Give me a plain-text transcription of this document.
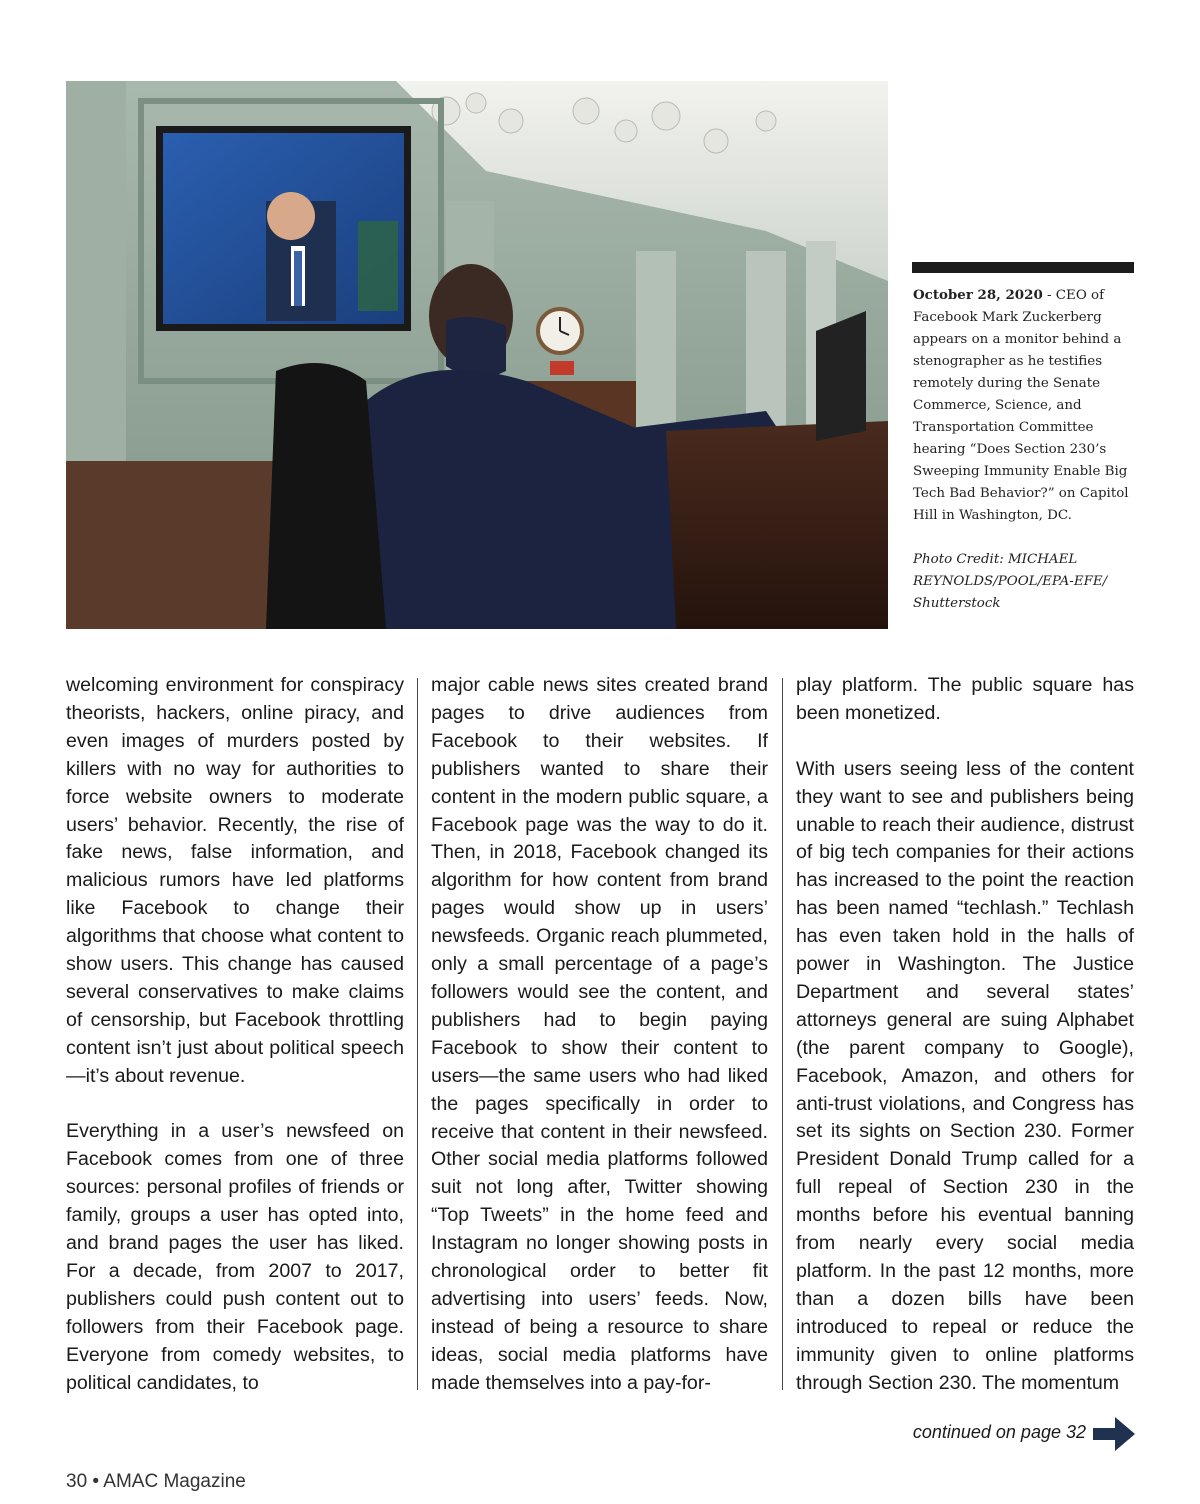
October 28, 2020 - CEO of Facebook Mark Zuckerberg appears on a monitor behind a stenographer as he testifies remotely during the Senate Commerce, Science, and Transportation Committee hearing “Does Section 230’s Sweeping Immunity Enable Big Tech Bad Behavior?” on Capitol Hill in Washington, DC.

Photo Credit: MICHAEL REYNOLDS/POOL/EPA-EFE/ Shutterstock

welcoming environment for conspiracy theorists, hackers, online piracy, and even images of murders posted by killers with no way for authorities to force website owners to moderate users’ behavior. Recently, the rise of fake news, false information, and malicious rumors have led platforms like Facebook to change their algorithms that choose what content to show users. This change has caused several conservatives to make claims of censorship, but Facebook throttling content isn’t just about political speech—it’s about revenue.

Everything in a user’s newsfeed on Facebook comes from one of three sources: personal profiles of friends or family, groups a user has opted into, and brand pages the user has liked. For a decade, from 2007 to 2017, publishers could push content out to followers from their Facebook page. Everyone from comedy websites, to political candidates, to

major cable news sites created brand pages to drive audiences from Facebook to their websites. If publishers wanted to share their content in the modern public square, a Facebook page was the way to do it. Then, in 2018, Facebook changed its algorithm for how content from brand pages would show up in users’ newsfeeds. Organic reach plummeted, only a small percentage of a page’s followers would see the content, and publishers had to begin paying Facebook to show their content to users—the same users who had liked the pages specifically in order to receive that content in their newsfeed. Other social media platforms followed suit not long after, Twitter showing “Top Tweets” in the home feed and Instagram no longer showing posts in chronological order to better fit advertising into users’ feeds. Now, instead of being a resource to share ideas, social media platforms have made themselves into a pay-for-

play platform. The public square has been monetized.

With users seeing less of the content they want to see and publishers being unable to reach their audience, distrust of big tech companies for their actions has increased to the point the reaction has been named “techlash.” Techlash has even taken hold in the halls of power in Washington. The Justice Department and several states’ attorneys general are suing Alphabet (the parent company to Google), Facebook, Amazon, and others for anti-trust violations, and Congress has set its sights on Section 230. Former President Donald Trump called for a full repeal of Section 230 in the months before his eventual banning from nearly every social media platform. In the past 12 months, more than a dozen bills have been introduced to repeal or reduce the immunity given to online platforms through Section 230. The momentum

30 • AMAC Magazine
continued on page 32
